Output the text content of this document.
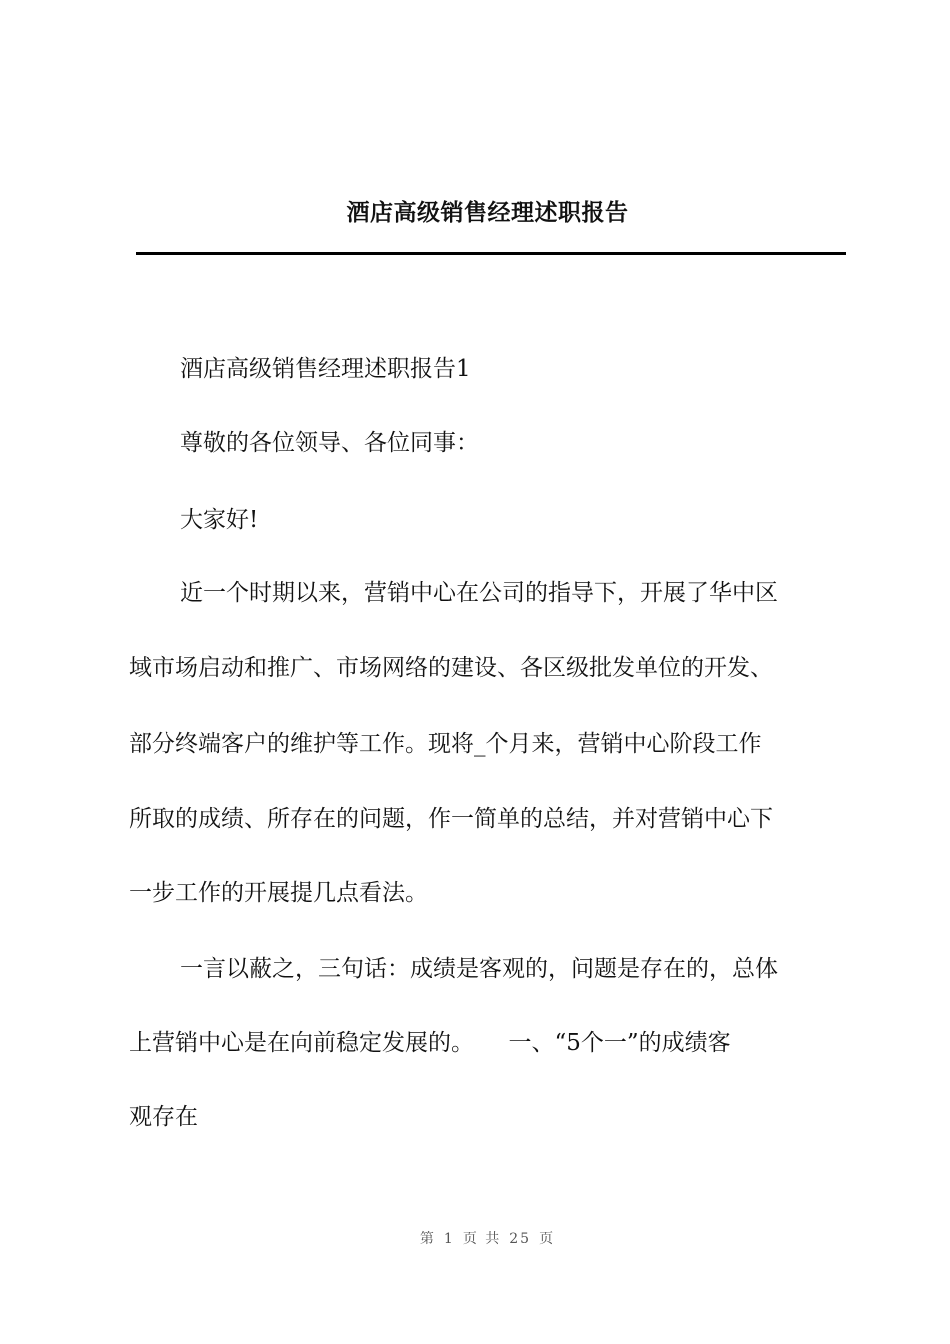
酒店高级销售经理述职报告

酒店高级销售经理述职报告1

尊敬的各位领导、各位同事：

大家好!

近一个时期以来，营销中心在公司的指导下，开展了华中区

域市场启动和推广、市场网络的建设、各区级批发单位的开发、

部分终端客户的维护等工作。现将_个月来，营销中心阶段工作

所取的成绩、所存在的问题，作一简单的总结，并对营销中心下

一步工作的开展提几点看法。

一言以蔽之，三句话：成绩是客观的，问题是存在的，总体

上营销中心是在向前稳定发展的。　　一、“5个一”的成绩客

观存在

第 1 页 共 25 页
